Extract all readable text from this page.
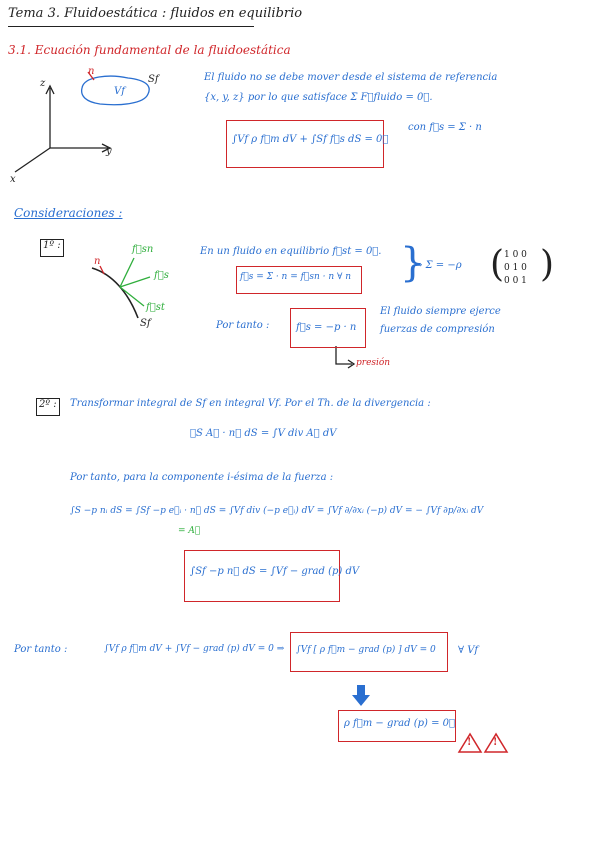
Tema 3. Fluidoestática : fluidos en equilibrio
3.1. Ecuación fundamental de la fluidoestática
z
y
x
Vf
Sf
n
El fluido no se debe mover desde el sistema de referencia
{x, y, z} por lo que satisface Σ F⃗fluido = 0⃗.
∫Vf ρ f⃗m dV + ∫Sf f⃗s dS = 0⃗
con f⃗s = Σ · n
Consideraciones :
1º :	f⃗sn
f⃗s
f⃗st
n
Sf
En un fluido en equilibrio f⃗st = 0⃗.
f⃗s = Σ · n = f⃗sn · n ∀ n }
⇒ Σ = −ρ ( 1 0 0
0 1 0
0 0 1 )
Por tanto :	f⃗s = −p · n
El fluido siempre ejerce
fuerzas de compresión
presión
2º : Transformar integral de Sf en integral Vf. Por el Th. de la divergencia :
∮S A⃗ · n⃗ dS = ∫V div A⃗ dV
Por tanto, para la componente i-ésima de la fuerza :
∫S −p nᵢ dS = ∫Sf −p e⃗ᵢ · n⃗ dS = ∫Vf div (−p e⃗ᵢ) dV = ∫Vf ∂/∂xᵢ (−p) dV = − ∫Vf ∂p/∂xᵢ dV
= A⃗
∫Sf −p n⃗ dS = ∫Vf − grad (p) dV
Por tanto :	∫Vf ρ f⃗m dV + ∫Vf − grad (p) dV = 0 ⇒ ∫Vf [ ρ f⃗m − grad (p) ] dV = 0 ∀ Vf
ρ f⃗m − grad (p) = 0⃗
! !
